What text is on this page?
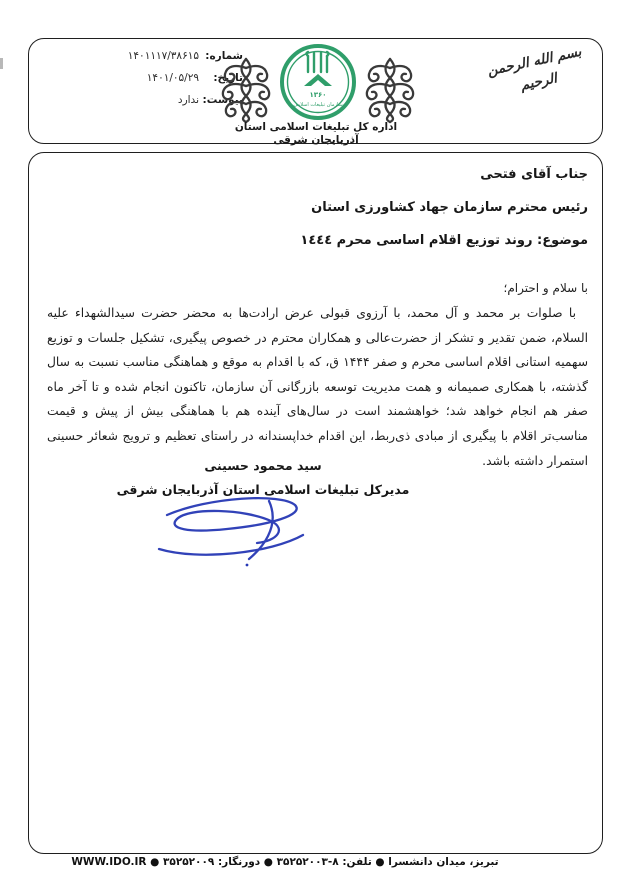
شماره:
۱۴۰۱۱۱۷/۳۸۶۱۵
تاریخ:
۱۴۰۱/۰۵/۲۹
پیوست:
ندارد	۱۳۶۰
سازمان تبلیغات اسلامی
اداره کل تبلیغات اسلامی استان آذربایجان شرقی
بسم الله الرحمن الرحیم
جناب آقای فتحی
رئیس محترم سازمان جهاد کشاورزی استان
موضوع: روند توزیع اقلام اساسی محرم ١٤٤٤
با سلام و احترام؛
با صلوات بر محمد و آل محمد، با آرزوی قبولی عرض ارادت‌ها به محضر حضرت سیدالشهداء علیه السلام، ضمن تقدیر و تشکر از حضرت‌عالی و همکاران محترم در خصوص پیگیری، تشکیل جلسات و توزیع سهمیه استانی اقلام اساسی محرم و صفر ۱۴۴۴ ق، که با اقدام به موقع و هماهنگی مناسب نسبت به سال گذشته، با همکاری صمیمانه و همت مدیریت توسعه بازرگانی آن سازمان، تاکنون انجام شده و تا آخر ماه صفر هم انجام خواهد شد؛ خواهشمند است در سال‌های آینده هم با هماهنگی بیش از پیش و قیمت مناسب‌تر اقلام با پیگیری از مبادی ذی‌ربط، این اقدام خداپسندانه در راستای تعظیم و ترویج شعائر حسینی استمرار داشته باشد.
سید محمود حسینی
مدیرکل تبلیغات اسلامی استان آذربایجان شرقی
تبریز، میدان دانشسرا ● تلفن: ۸-۳۵۲۵۲۰۰۳ ● دورنگار: ۳۵۲۵۲۰۰۹ ● WWW.IDO.IR
